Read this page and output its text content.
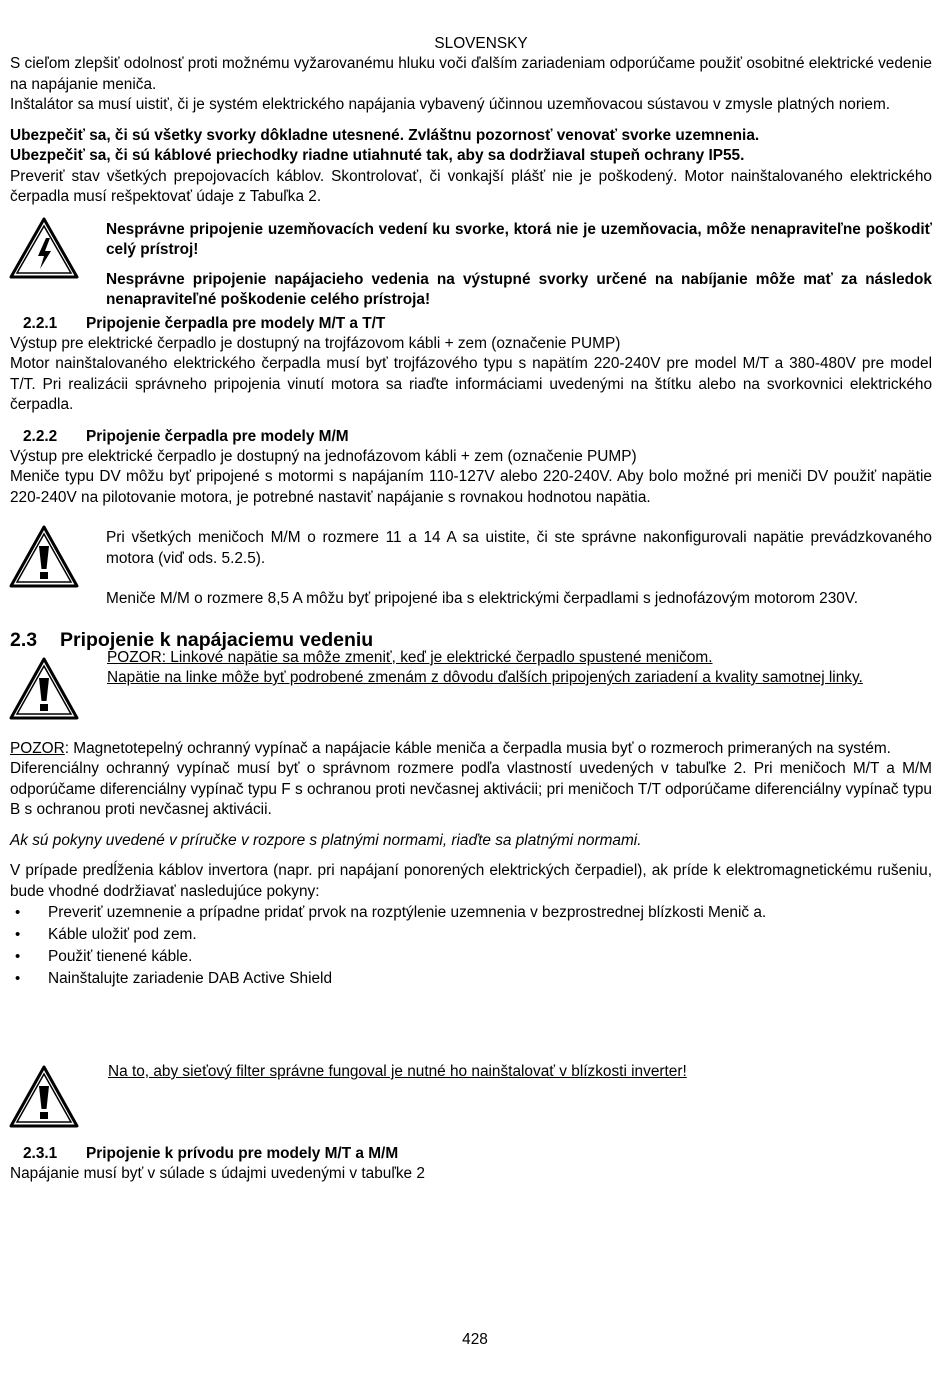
SLOVENSKY

S cieľom zlepšiť odolnosť proti možnému vyžarovanému hluku voči ďalším zariadeniam odporúčame použiť osobitné elektrické vedenie na napájanie meniča.

Inštalátor sa musí uistiť, či je systém elektrického napájania vybavený účinnou uzemňovacou sústavou v zmysle platných noriem.

Ubezpečiť sa, či sú všetky svorky dôkladne utesnené. Zvláštnu pozornosť venovať svorke uzemnenia.

Ubezpečiť sa, či sú káblové priechodky riadne utiahnuté tak, aby sa dodržiaval stupeň ochrany IP55.

Preveriť stav všetkých prepojovacích káblov. Skontrolovať, či vonkajší plášť nie je poškodený. Motor nainštalovaného elektrického čerpadla musí rešpektovať údaje z Tabuľka 2.

Nesprávne pripojenie uzemňovacích vedení ku svorke, ktorá nie je uzemňovacia, môže nenapraviteľne poškodiť celý prístroj!

Nesprávne pripojenie napájacieho vedenia na výstupné svorky určené na nabíjanie môže mať za následok nenapraviteľné poškodenie celého prístroja!

2.2.1 Pripojenie čerpadla pre modely M/T a T/T

Výstup pre elektrické čerpadlo je dostupný na trojfázovom kábli + zem (označenie PUMP)

Motor nainštalovaného elektrického čerpadla musí byť trojfázového typu s napätím 220-240V pre model M/T a 380-480V pre model T/T. Pri realizácii správneho pripojenia vinutí motora sa riaďte informáciami uvedenými na štítku alebo na svorkovnici elektrického čerpadla.

2.2.2 Pripojenie čerpadla pre modely M/M

Výstup pre elektrické čerpadlo je dostupný na jednofázovom kábli + zem (označenie PUMP)

Meniče typu DV môžu byť pripojené s motormi s napájaním 110-127V alebo 220-240V. Aby bolo možné pri meniči DV použiť napätie 220-240V na pilotovanie motora, je potrebné nastaviť napájanie s rovnakou hodnotou napätia.

Pri všetkých meničoch M/M o rozmere 11 a 14 A sa uistite, či ste správne nakonfigurovali napätie prevádzkovaného motora (viď ods. 5.2.5).

Meniče M/M o rozmere 8,5 A môžu byť pripojené iba s elektrickými čerpadlami s jednofázovým motorom 230V.

2.3 Pripojenie k napájaciemu vedeniu

POZOR: Linkové napätie sa môže zmeniť, keď je elektrické čerpadlo spustené meničom.

Napätie na linke môže byť podrobené zmenám z dôvodu ďalších pripojených zariadení a kvality samotnej linky.

POZOR: Magnetotepelný ochranný vypínač a napájacie káble meniča a čerpadla musia byť o rozmeroch primeraných na systém.

Diferenciálny ochranný vypínač musí byť o správnom rozmere podľa vlastností uvedených v tabuľke 2. Pri meničoch M/T a M/M odporúčame diferenciálny vypínač typu F s ochranou proti nevčasnej aktivácii; pri meničoch T/T odporúčame diferenciálny vypínač typu B s ochranou proti nevčasnej aktivácii.

Ak sú pokyny uvedené v príručke v rozpore s platnými normami, riaďte sa platnými normami.

V prípade predĺženia káblov invertora (napr. pri napájaní ponorených elektrických čerpadiel), ak príde k elektromagnetickému rušeniu, bude vhodné dodržiavať nasledujúce pokyny:

• Preveriť uzemnenie a prípadne pridať prvok na rozptýlenie uzemnenia v bezprostrednej blízkosti Menič a.
• Káble uložiť pod zem.
• Použiť tienené káble.
• Nainštalujte zariadenie DAB Active Shield

Na to, aby sieťový filter správne fungoval je nutné ho nainštalovať v blízkosti inverter!

2.3.1 Pripojenie k prívodu pre modely M/T a M/M

Napájanie musí byť v súlade s údajmi uvedenými v tabuľke 2

428
